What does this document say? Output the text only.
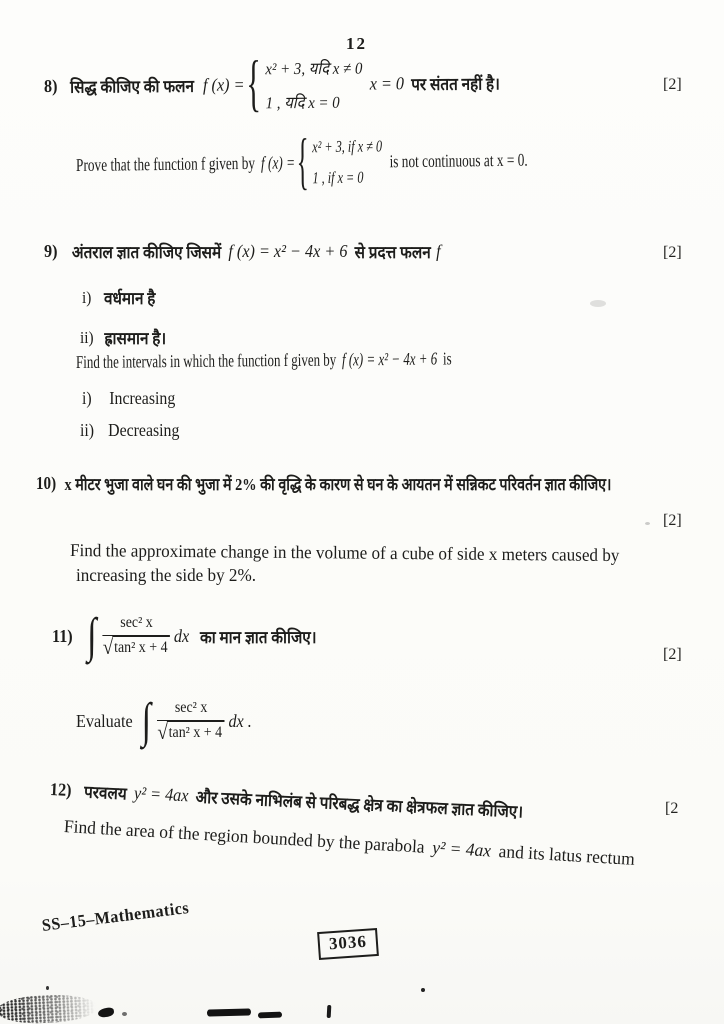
12
8) सिद्ध कीजिए की फलन f (x) = { x² + 3, यदि x ≠ 0
1 , यदि x = 0
x = 0 पर संतत नहीं है।	[2]
Prove that the function f given by f (x) = { x² + 3, if x ≠ 0
1 , if x = 0
is not continuous at x = 0.
9) अंतराल ज्ञात कीजिए जिसमें f (x) = x² − 4x + 6 से प्रदत्त फलन f	[2]
i) वर्धमान है
ii) ह्रासमान है।
Find the intervals in which the function f given by f (x) = x² − 4x + 6 is
i) Increasing
ii) Decreasing
10) x मीटर भुजा वाले घन की भुजा में 2% की वृद्धि के कारण से घन के आयतन में सन्निकट परिवर्तन ज्ञात कीजिए।
[2]
Find the approximate change in the volume of a cube of side x meters caused by
increasing the side by 2%.
11) ∫ $\frac{\text{sec² x}}{\text{√tan² x + 4}}$ dx का मान ज्ञात कीजिए।
[2]
Evaluate ∫ $\frac{\text{sec² x}}{\text{√tan² x + 4}}$ dx .
12) परवलय y² = 4ax और उसके नाभिलंब से परिबद्ध क्षेत्र का क्षेत्रफल ज्ञात कीजिए।	[2
Find the area of the region bounded by the parabola y² = 4ax and its latus rectum
SS–15–Mathematics
3036
